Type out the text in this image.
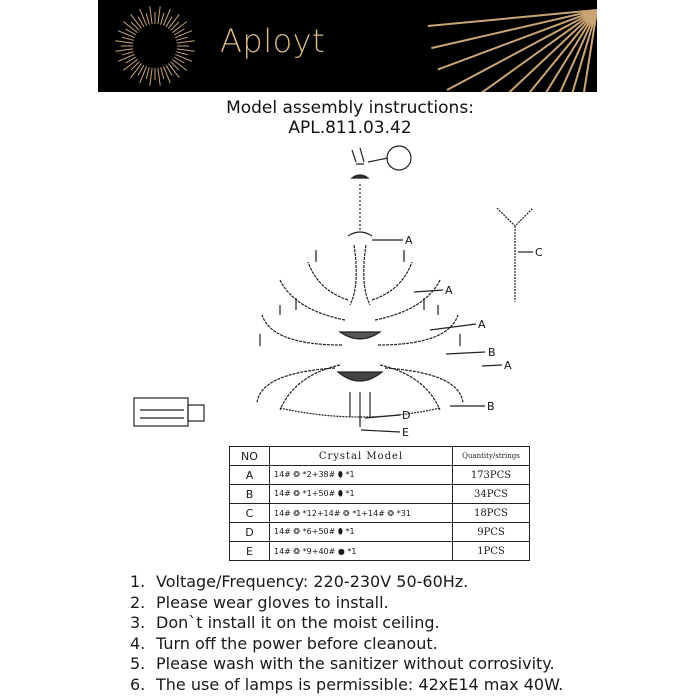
Aployt
Model assembly instructions:
APL.811.03.42
A
A
A
B
A
B
C
D
E
NO	Crystal Model	Quantity/strings
A	14# ❂ *2+38# ⬮ *1	173PCS
B	14# ❂ *1+50# ⬮ *1	34PCS
C	14# ❂ *12+14# ❂ *1+14# ❂ *31	18PCS
D	14# ❂ *6+50# ⬮ *1	9PCS
E	14# ❂ *9+40# ● *1	1PCS
1. Voltage/Frequency: 220-230V 50-60Hz.
2. Please wear gloves to install.
3. Don`t install it on the moist ceiling.
4. Turn off the power before cleanout.
5. Please wash with the sanitizer without corrosivity.
6. The use of lamps is permissible: 42xE14 max 40W.
